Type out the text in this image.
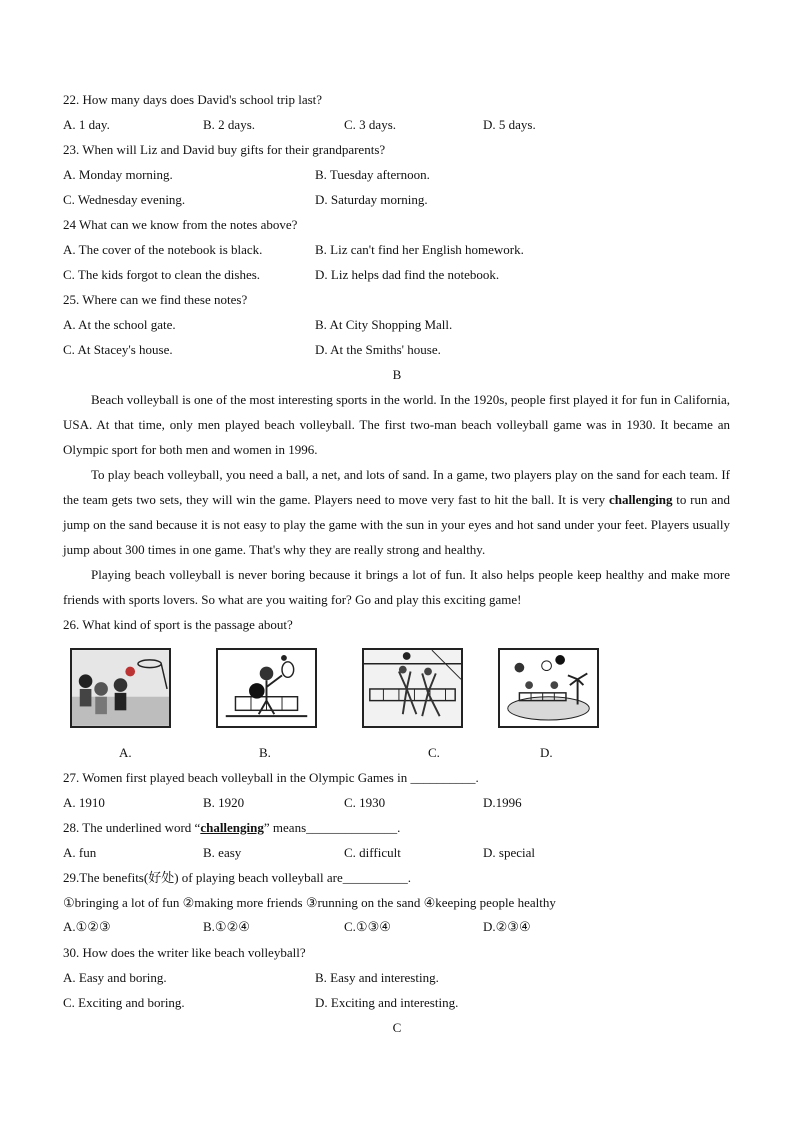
22. How many days does David's school trip last?
A. 1 day.	B. 2 days.	C. 3 days.	D. 5 days.
23. When will Liz and David buy gifts for their grandparents?
A. Monday morning.	B. Tuesday afternoon.
C. Wednesday evening.	D. Saturday morning.
24 What can we know from the notes above?
A. The cover of the notebook is black.	B. Liz can't find her English homework.
C. The kids forgot to clean the dishes.	D. Liz helps dad find the notebook.
25. Where can we find these notes?
A. At the school gate.	B. At City Shopping Mall.
C. At Stacey's house.	D. At the Smiths' house.
B
Beach volleyball is one of the most interesting sports in the world. In the 1920s, people first played it for fun in California, USA. At that time, only men played beach volleyball. The first two-man beach volleyball game was in 1930. It became an Olympic sport for both men and women in 1996.
To play beach volleyball, you need a ball, a net, and lots of sand. In a game, two players play on the sand for each team. If the team gets two sets, they will win the game. Players need to move very fast to hit the ball. It is very challenging to run and jump on the sand because it is not easy to play the game with the sun in your eyes and hot sand under your feet. Players usually jump about 300 times in one game. That's why they are really strong and healthy.
Playing beach volleyball is never boring because it brings a lot of fun. It also helps people keep healthy and make more friends with sports lovers. So what are you waiting for? Go and play this exciting game!
26. What kind of sport is the passage about?
A.	B.	C.	D.
27. Women first played beach volleyball in the Olympic Games in __________.
A. 1910	B. 1920	C. 1930	D.1996
28. The underlined word “challenging” means______________.
A. fun	B. easy	C. difficult	D. special
29.The benefits(好处) of playing beach volleyball are__________.
①bringing a lot of fun ②making more friends ③running on the sand ④keeping people healthy
A.①②③	B.①②④	C.①③④	D.②③④
30. How does the writer like beach volleyball?
A. Easy and boring.	B. Easy and interesting.
C. Exciting and boring.	D. Exciting and interesting.
C
